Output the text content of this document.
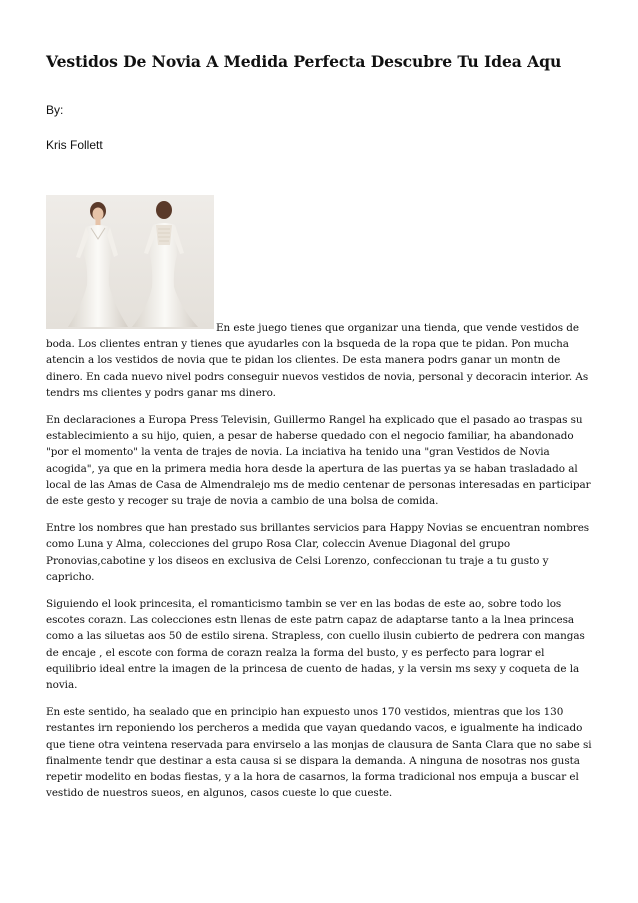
Vestidos De Novia A Medida Perfecta Descubre Tu Idea Aqu

By:

Kris Follett

En este juego tienes que organizar una tienda, que vende vestidos de boda. Los clientes entran y tienes que ayudarles con la bsqueda de la ropa que te pidan. Pon mucha atencin a los vestidos de novia que te pidan los clientes. De esta manera podrs ganar un montn de dinero. En cada nuevo nivel podrs conseguir nuevos vestidos de novia, personal y decoracin interior. As tendrs ms clientes y podrs ganar ms dinero.

En declaraciones a Europa Press Televisin, Guillermo Rangel ha explicado que el pasado ao traspas su establecimiento a su hijo, quien, a pesar de haberse quedado con el negocio familiar, ha abandonado "por el momento" la venta de trajes de novia. La inciativa ha tenido una "gran Vestidos de Novia acogida", ya que en la primera media hora desde la apertura de las puertas ya se haban trasladado al local de las Amas de Casa de Almendralejo ms de medio centenar de personas interesadas en participar de este gesto y recoger su traje de novia a cambio de una bolsa de comida.

Entre los nombres que han prestado sus brillantes servicios para Happy Novias se encuentran nombres como Luna y Alma, colecciones del grupo Rosa Clar, coleccin Avenue Diagonal del grupo Pronovias,cabotine y los diseos en exclusiva de Celsi Lorenzo, confeccionan tu traje a tu gusto y capricho.

Siguiendo el look princesita, el romanticismo tambin se ver en las bodas de este ao, sobre todo los escotes corazn. Las colecciones estn llenas de este patrn capaz de adaptarse tanto a la lnea princesa como a las siluetas aos 50 de estilo sirena. Strapless, con cuello ilusin cubierto de pedrera con mangas de encaje , el escote con forma de corazn realza la forma del busto, y es perfecto para lograr el equilibrio ideal entre la imagen de la princesa de cuento de hadas, y la versin ms sexy y coqueta de la novia.

En este sentido, ha sealado que en principio han expuesto unos 170 vestidos, mientras que los 130 restantes irn reponiendo los percheros a medida que vayan quedando vacos, e igualmente ha indicado que tiene otra veintena reservada para envirselo a las monjas de clausura de Santa Clara que no sabe si finalmente tendr que destinar a esta causa si se dispara la demanda. A ninguna de nosotras nos gusta repetir modelito en bodas fiestas, y a la hora de casarnos, la forma tradicional nos empuja a buscar el vestido de nuestros sueos, en algunos, casos cueste lo que cueste.
